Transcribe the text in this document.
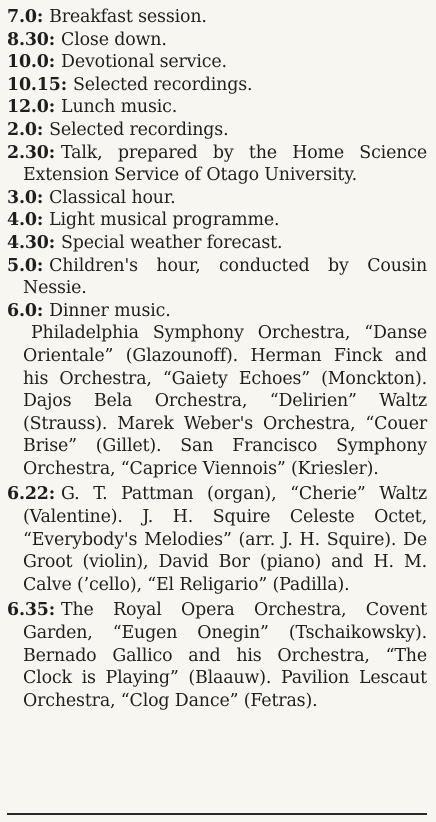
7.0: Breakfast session.

8.30: Close down.

10.0: Devotional service.

10.15: Selected recordings.

12.0: Lunch music.

2.0: Selected recordings.

2.30: Talk, prepared by the Home Science Extension Service of Otago University.

3.0: Classical hour.

4.0: Light musical programme.

4.30: Special weather forecast.

5.0: Children's hour, conducted by Cousin Nessie.

6.0: Dinner music.

Philadelphia Symphony Orchestra, “Danse Orientale” (Glazounoff). Herman Finck and his Orchestra, “Gaiety Echoes” (Monckton). Dajos Bela Orchestra, “Delirien” Waltz (Strauss). Marek Weber's Orchestra, “Couer Brise” (Gillet). San Francisco Symphony Orchestra, “Caprice Viennois” (Kriesler).

6.22: G. T. Pattman (organ), “Cherie” Waltz (Valentine). J. H. Squire Celeste Octet, “Everybody's Melodies” (arr. J. H. Squire). De Groot (violin), David Bor (piano) and H. M. Calve (’cello), “El Religario” (Padilla).

6.35: The Royal Opera Orchestra, Covent Garden, “Eugen Onegin” (Tschaikowsky). Bernado Gallico and his Orchestra, “The Clock is Playing” (Blaauw). Pavilion Lescaut Orchestra, “Clog Dance” (Fetras).
